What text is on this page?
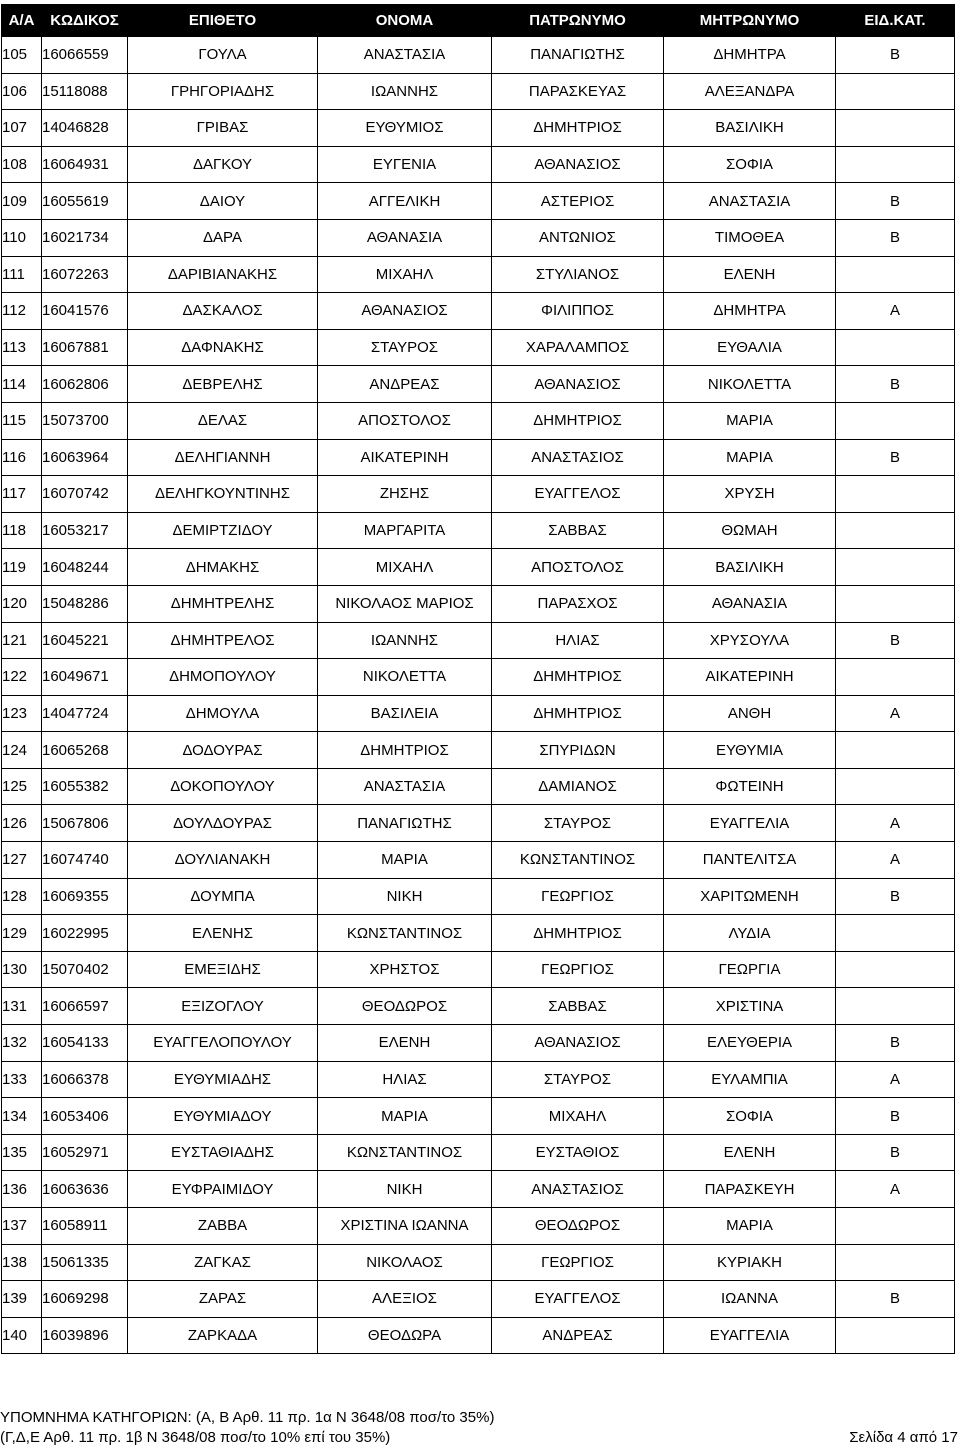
Α/Α	ΚΩΔΙΚΟΣ	ΕΠΙΘΕΤΟ	ΟΝΟΜΑ	ΠΑΤΡΩΝΥΜΟ	ΜΗΤΡΩΝΥΜΟ	ΕΙΔ.ΚΑΤ.
105	16066559	ΓΟΥΛΑ	ΑΝΑΣΤΑΣΙΑ	ΠΑΝΑΓΙΩΤΗΣ	ΔΗΜΗΤΡΑ	Β
106	15118088	ΓΡΗΓΟΡΙΑΔΗΣ	ΙΩΑΝΝΗΣ	ΠΑΡΑΣΚΕΥΑΣ	ΑΛΕΞΑΝΔΡΑ	
107	14046828	ΓΡΙΒΑΣ	ΕΥΘΥΜΙΟΣ	ΔΗΜΗΤΡΙΟΣ	ΒΑΣΙΛΙΚΗ	
108	16064931	ΔΑΓΚΟΥ	ΕΥΓΕΝΙΑ	ΑΘΑΝΑΣΙΟΣ	ΣΟΦΙΑ	
109	16055619	ΔΑΙΟΥ	ΑΓΓΕΛΙΚΗ	ΑΣΤΕΡΙΟΣ	ΑΝΑΣΤΑΣΙΑ	Β
110	16021734	ΔΑΡΑ	ΑΘΑΝΑΣΙΑ	ΑΝΤΩΝΙΟΣ	ΤΙΜΟΘΕΑ	Β
111	16072263	ΔΑΡΙΒΙΑΝΑΚΗΣ	ΜΙΧΑΗΛ	ΣΤΥΛΙΑΝΟΣ	ΕΛΕΝΗ	
112	16041576	ΔΑΣΚΑΛΟΣ	ΑΘΑΝΑΣΙΟΣ	ΦΙΛΙΠΠΟΣ	ΔΗΜΗΤΡΑ	Α
113	16067881	ΔΑΦΝΑΚΗΣ	ΣΤΑΥΡΟΣ	ΧΑΡΑΛΑΜΠΟΣ	ΕΥΘΑΛΙΑ	
114	16062806	ΔΕΒΡΕΛΗΣ	ΑΝΔΡΕΑΣ	ΑΘΑΝΑΣΙΟΣ	ΝΙΚΟΛΕΤΤΑ	Β
115	15073700	ΔΕΛΑΣ	ΑΠΟΣΤΟΛΟΣ	ΔΗΜΗΤΡΙΟΣ	ΜΑΡΙΑ	
116	16063964	ΔΕΛΗΓΙΑΝΝΗ	ΑΙΚΑΤΕΡΙΝΗ	ΑΝΑΣΤΑΣΙΟΣ	ΜΑΡΙΑ	Β
117	16070742	ΔΕΛΗΓΚΟΥΝΤΙΝΗΣ	ΖΗΣΗΣ	ΕΥΑΓΓΕΛΟΣ	ΧΡΥΣΗ	
118	16053217	ΔΕΜΙΡΤΖΙΔΟΥ	ΜΑΡΓΑΡΙΤΑ	ΣΑΒΒΑΣ	ΘΩΜΑΗ	
119	16048244	ΔΗΜΑΚΗΣ	ΜΙΧΑΗΛ	ΑΠΟΣΤΟΛΟΣ	ΒΑΣΙΛΙΚΗ	
120	15048286	ΔΗΜΗΤΡΕΛΗΣ	ΝΙΚΟΛΑΟΣ ΜΑΡΙΟΣ	ΠΑΡΑΣΧΟΣ	ΑΘΑΝΑΣΙΑ	
121	16045221	ΔΗΜΗΤΡΕΛΟΣ	ΙΩΑΝΝΗΣ	ΗΛΙΑΣ	ΧΡΥΣΟΥΛΑ	Β
122	16049671	ΔΗΜΟΠΟΥΛΟΥ	ΝΙΚΟΛΕΤΤΑ	ΔΗΜΗΤΡΙΟΣ	ΑΙΚΑΤΕΡΙΝΗ	
123	14047724	ΔΗΜΟΥΛΑ	ΒΑΣΙΛΕΙΑ	ΔΗΜΗΤΡΙΟΣ	ΑΝΘΗ	Α
124	16065268	ΔΟΔΟΥΡΑΣ	ΔΗΜΗΤΡΙΟΣ	ΣΠΥΡΙΔΩΝ	ΕΥΘΥΜΙΑ	
125	16055382	ΔΟΚΟΠΟΥΛΟΥ	ΑΝΑΣΤΑΣΙΑ	ΔΑΜΙΑΝΟΣ	ΦΩΤΕΙΝΗ	
126	15067806	ΔΟΥΛΔΟΥΡΑΣ	ΠΑΝΑΓΙΩΤΗΣ	ΣΤΑΥΡΟΣ	ΕΥΑΓΓΕΛΙΑ	Α
127	16074740	ΔΟΥΛΙΑΝΑΚΗ	ΜΑΡΙΑ	ΚΩΝΣΤΑΝΤΙΝΟΣ	ΠΑΝΤΕΛΙΤΣΑ	Α
128	16069355	ΔΟΥΜΠΑ	ΝΙΚΗ	ΓΕΩΡΓΙΟΣ	ΧΑΡΙΤΩΜΕΝΗ	Β
129	16022995	ΕΛΕΝΗΣ	ΚΩΝΣΤΑΝΤΙΝΟΣ	ΔΗΜΗΤΡΙΟΣ	ΛΥΔΙΑ	
130	15070402	ΕΜΕΞΙΔΗΣ	ΧΡΗΣΤΟΣ	ΓΕΩΡΓΙΟΣ	ΓΕΩΡΓΙΑ	
131	16066597	ΕΞΙΖΟΓΛΟΥ	ΘΕΟΔΩΡΟΣ	ΣΑΒΒΑΣ	ΧΡΙΣΤΙΝΑ	
132	16054133	ΕΥΑΓΓΕΛΟΠΟΥΛΟΥ	ΕΛΕΝΗ	ΑΘΑΝΑΣΙΟΣ	ΕΛΕΥΘΕΡΙΑ	Β
133	16066378	ΕΥΘΥΜΙΑΔΗΣ	ΗΛΙΑΣ	ΣΤΑΥΡΟΣ	ΕΥΛΑΜΠΙΑ	Α
134	16053406	ΕΥΘΥΜΙΑΔΟΥ	ΜΑΡΙΑ	ΜΙΧΑΗΛ	ΣΟΦΙΑ	Β
135	16052971	ΕΥΣΤΑΘΙΑΔΗΣ	ΚΩΝΣΤΑΝΤΙΝΟΣ	ΕΥΣΤΑΘΙΟΣ	ΕΛΕΝΗ	Β
136	16063636	ΕΥΦΡΑΙΜΙΔΟΥ	ΝΙΚΗ	ΑΝΑΣΤΑΣΙΟΣ	ΠΑΡΑΣΚΕΥΗ	Α
137	16058911	ΖΑΒΒΑ	ΧΡΙΣΤΙΝΑ ΙΩΑΝΝΑ	ΘΕΟΔΩΡΟΣ	ΜΑΡΙΑ	
138	15061335	ΖΑΓΚΑΣ	ΝΙΚΟΛΑΟΣ	ΓΕΩΡΓΙΟΣ	ΚΥΡΙΑΚΗ	
139	16069298	ΖΑΡΑΣ	ΑΛΕΞΙΟΣ	ΕΥΑΓΓΕΛΟΣ	ΙΩΑΝΝΑ	Β
140	16039896	ΖΑΡΚΑΔΑ	ΘΕΟΔΩΡΑ	ΑΝΔΡΕΑΣ	ΕΥΑΓΓΕΛΙΑ	
ΥΠΟΜΝΗΜΑ ΚΑΤΗΓΟΡΙΩΝ: (Α, Β Αρθ. 11 πρ. 1α Ν 3648/08 ποσ/το 35%)
(Γ,Δ,Ε Αρθ. 11 πρ. 1β Ν 3648/08 ποσ/το 10% επί του 35%)	Σελίδα 4 από 17
